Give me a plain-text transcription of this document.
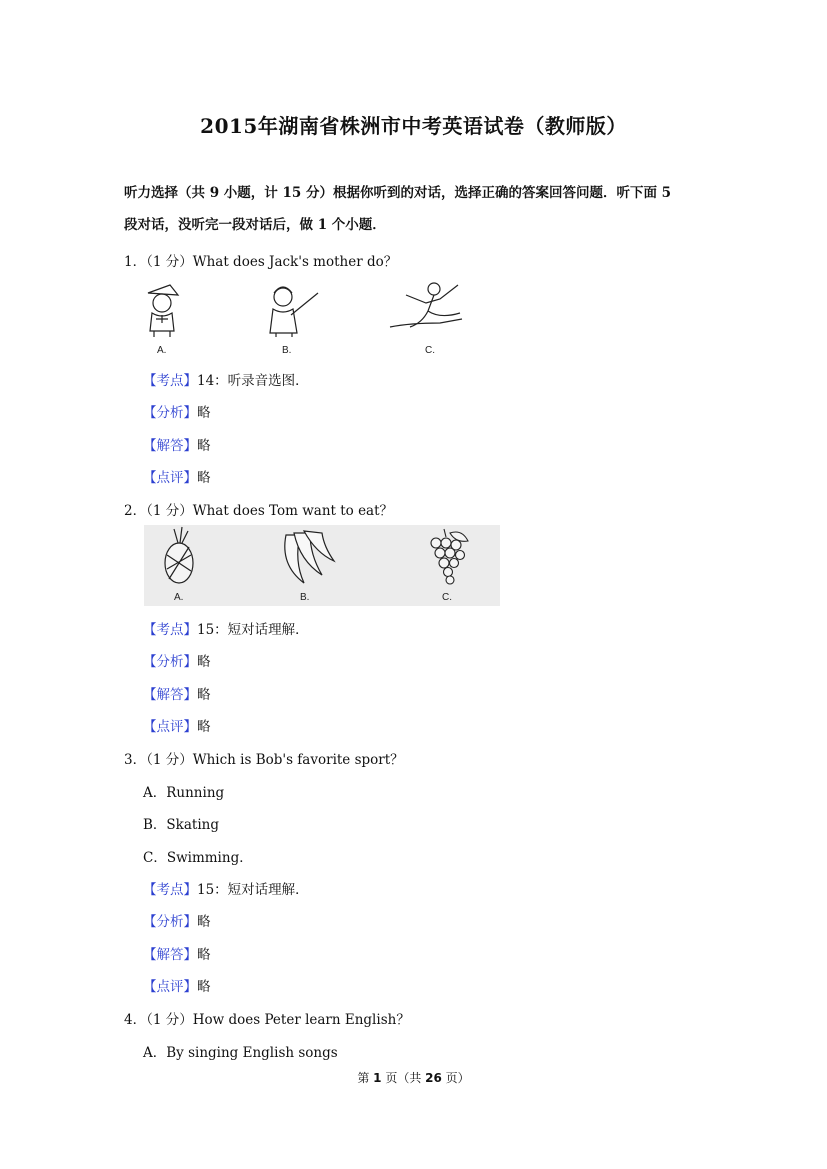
2015年湖南省株洲市中考英语试卷（教师版）
听力选择（共 9 小题，计 15 分）根据你听到的对话，选择正确的答案回答问题．听下面 5
段对话，没听完一段对话后，做 1 个小题．
1．（1 分）What does Jack's mother do？
A.	B.	C.
【考点】14：听录音选图．
【分析】略
【解答】略
【点评】略
2．（1 分）What does Tom want to eat？
A.	B.	C.
【考点】15：短对话理解．
【分析】略
【解答】略
【点评】略
3．（1 分）Which is Bob's favorite sport？
A．Running
B．Skating
C．Swimming．
【考点】15：短对话理解．
【分析】略
【解答】略
【点评】略
4．（1 分）How does Peter learn English？
A．By singing English songs
第 1 页（共 26 页）
